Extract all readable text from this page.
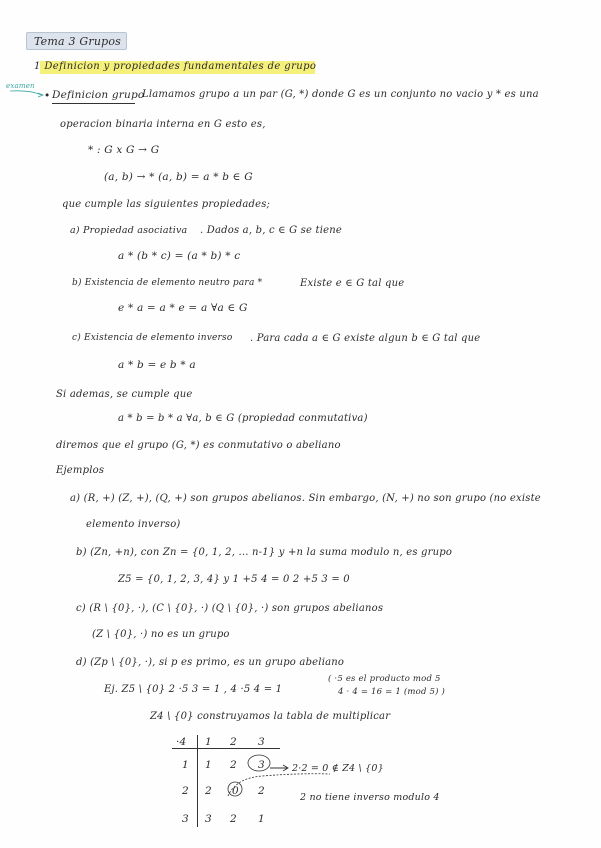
Tema 3 Grupos
1 Definicion y propiedades fundamentales de grupo
examen
• Definicion grupo
Llamamos grupo a un par (G, *) donde G es un conjunto no vacio y * es una
operacion binaria interna en G esto es,
* : G x G → G
(a, b) → * (a, b) = a * b ∈ G
que cumple las siguientes propiedades;
a) Propiedad asociativa . Dados a, b, c ∈ G se tiene
a * (b * c) = (a * b) * c
b) Existencia de elemento neutro para *	Existe e ∈ G tal que
e * a = a * e = a ∀a ∈ G
c) Existencia de elemento inverso . Para cada a ∈ G existe algun b ∈ G tal que
a * b = e b * a
Si ademas, se cumple que
a * b = b * a ∀a, b ∈ G (propiedad conmutativa)
diremos que el grupo (G, *) es conmutativo o abeliano
Ejemplos
a) (R, +) (Z, +), (Q, +) son grupos abelianos. Sin embargo, (N, +) no son grupo (no existe
elemento inverso)
b) (Zn, +n), con Zn = {0, 1, 2, ... n-1} y +n la suma modulo n, es grupo
Z5 = {0, 1, 2, 3, 4} y 1 +5 4 = 0 2 +5 3 = 0
c) (R \ {0}, ·), (C \ {0}, ·) (Q \ {0}, ·) son grupos abelianos
(Z \ {0}, ·) no es un grupo
d) (Zp \ {0}, ·), si p es primo, es un grupo abeliano
Ej. Z5 \ {0} 2 ·5 3 = 1 , 4 ·5 4 = 1
( ·5 es el producto mod 5
4 · 4 = 16 = 1 (mod 5) )
Z4 \ {0} construyamos la tabla de multiplicar
·4 1 2 3
1 1 2 3
2 2 0 2
3 3 2 1
2·2 = 0 ∉ Z4 \ {0}
2 no tiene inverso modulo 4
